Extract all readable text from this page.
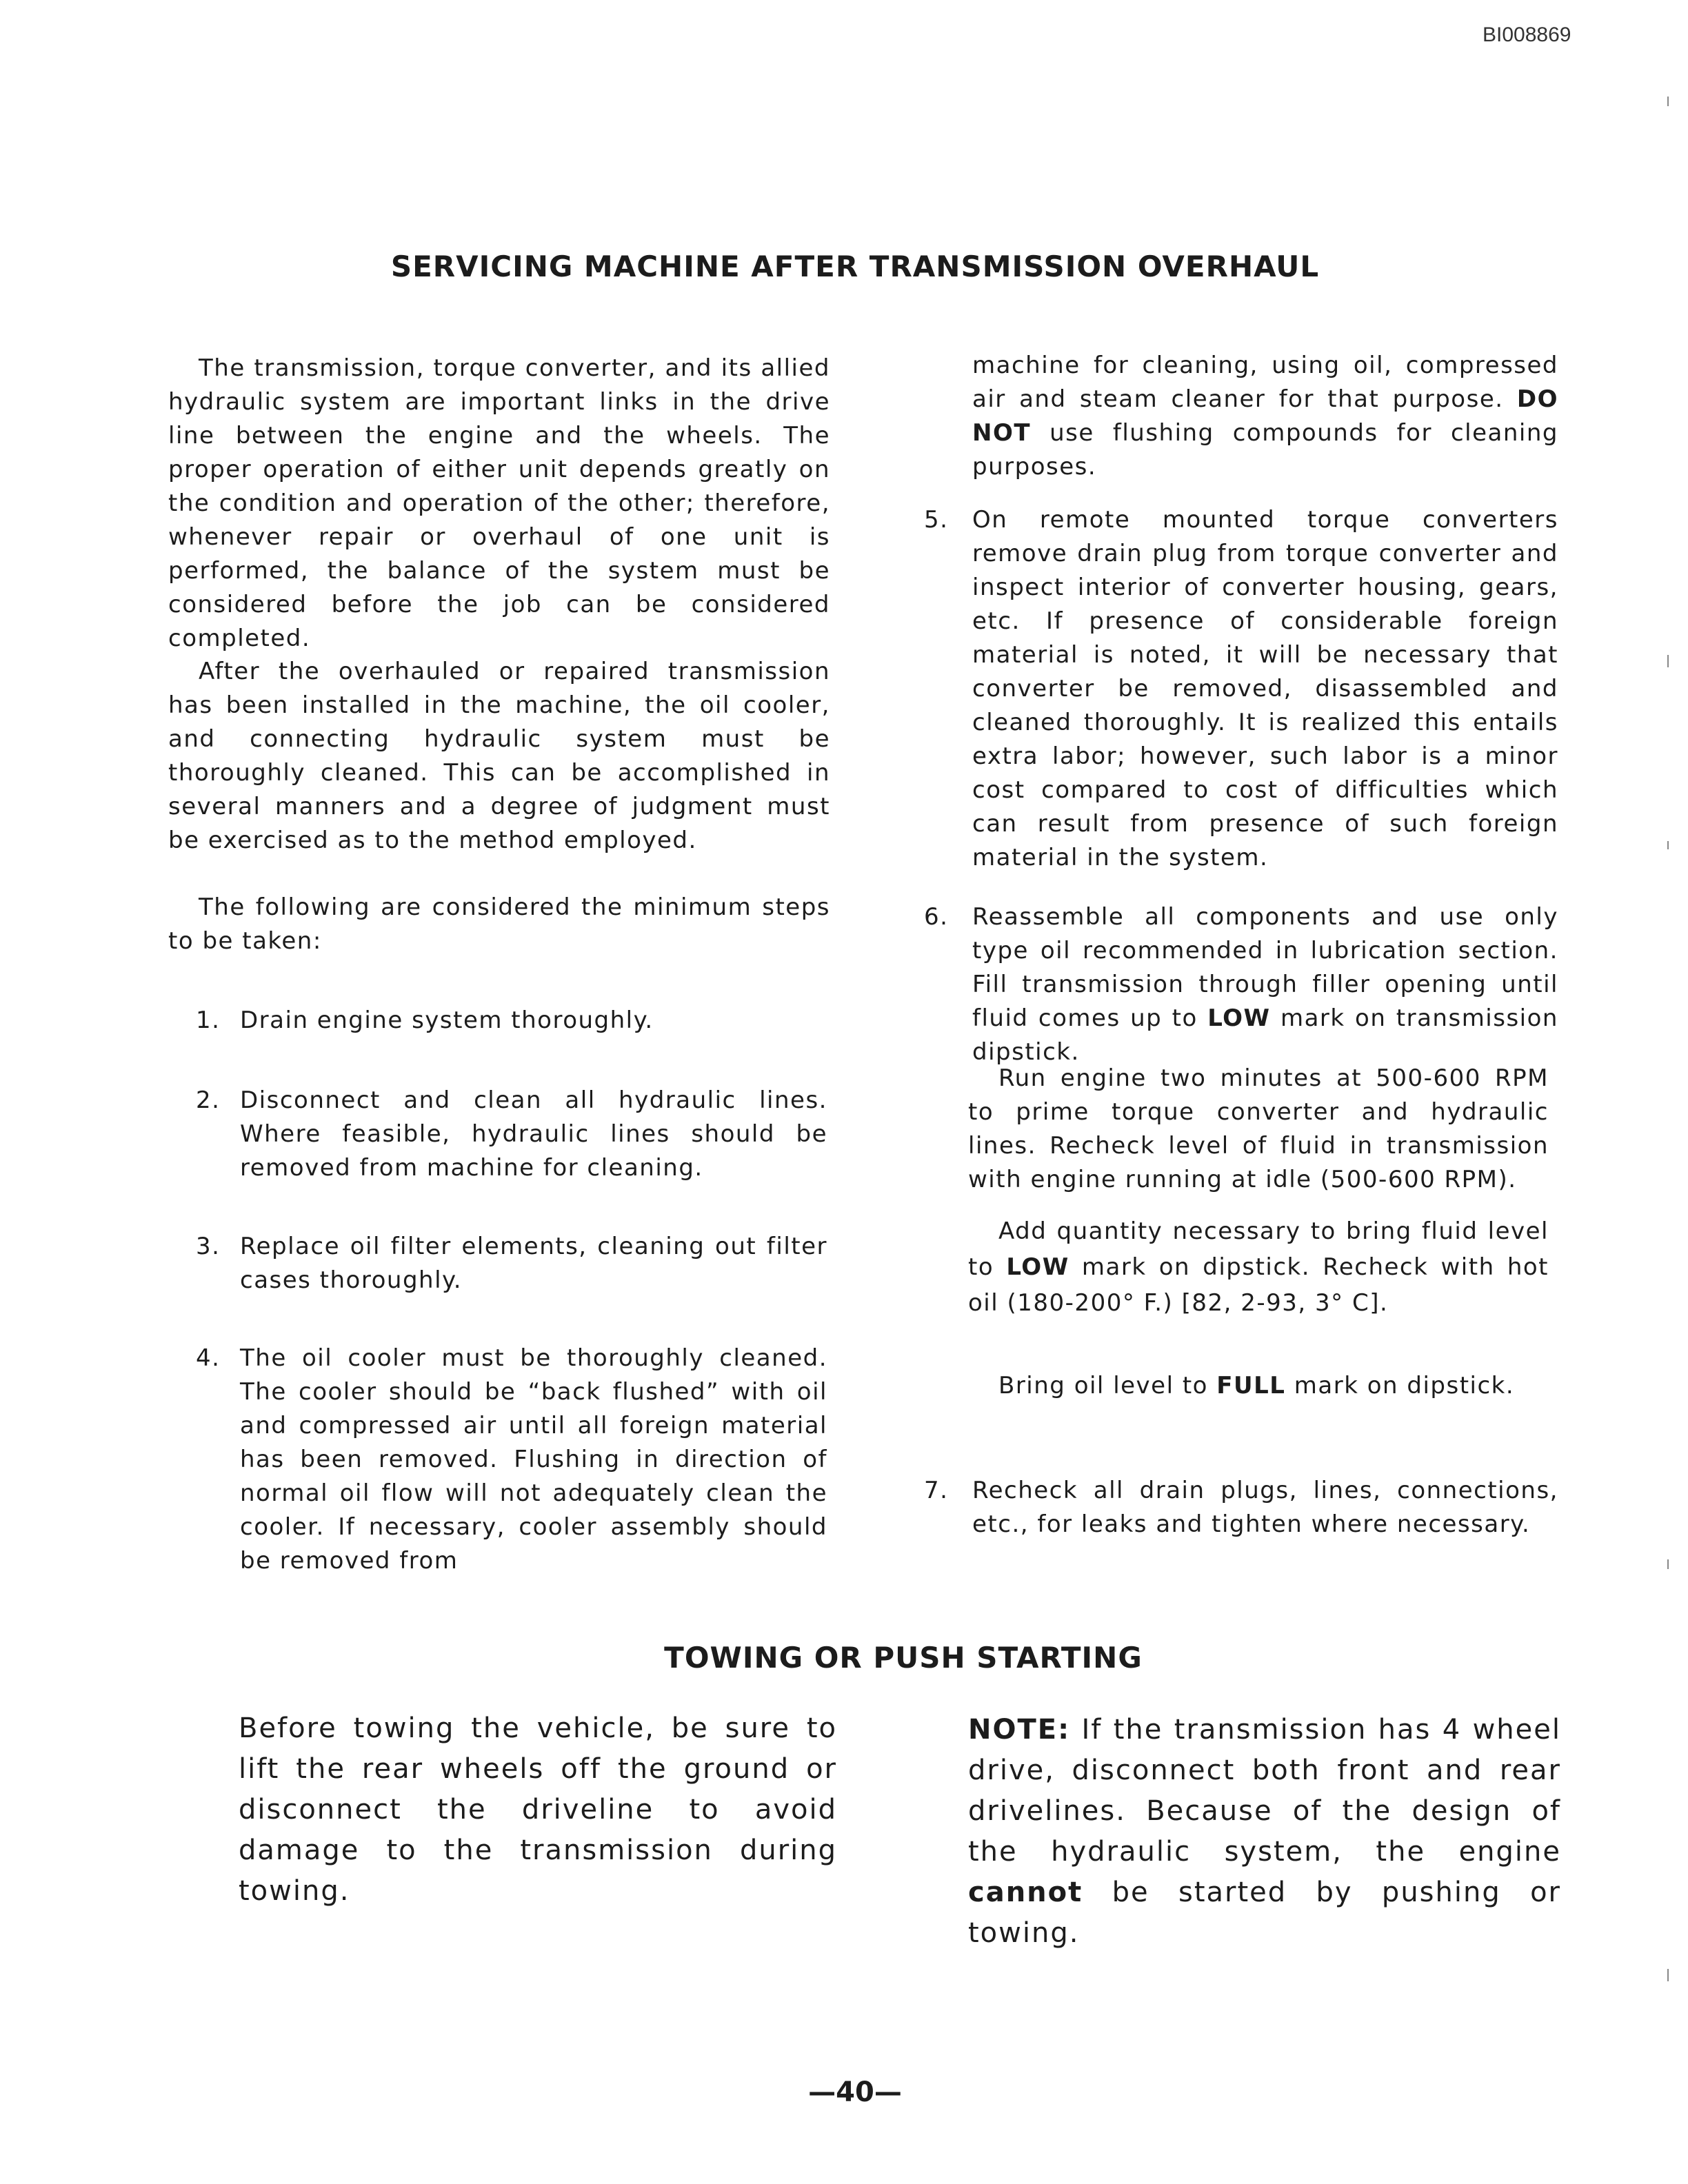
BI008869
SERVICING MACHINE AFTER TRANSMISSION OVERHAUL

The transmission, torque converter, and its allied hydraulic system are important links in the drive line between the engine and the wheels. The proper operation of either unit depends greatly on the condition and operation of the other; therefore, whenever repair or overhaul of one unit is performed, the balance of the system must be considered before the job can be considered completed.

After the overhauled or repaired transmission has been installed in the machine, the oil cooler, and connecting hydraulic system must be thoroughly cleaned. This can be accomplished in several manners and a degree of judgment must be exercised as to the method employed.

The following are considered the minimum steps to be taken:

1. Drain engine system thoroughly.
2. Disconnect and clean all hydraulic lines. Where feasible, hydraulic lines should be removed from machine for cleaning.
3. Replace oil filter elements, cleaning out filter cases thoroughly.
4. The oil cooler must be thoroughly cleaned. The cooler should be “back flushed” with oil and compressed air until all foreign material has been removed. Flushing in direction of normal oil flow will not adequately clean the cooler. If necessary, cooler assembly should be removed from

machine for cleaning, using oil, compressed air and steam cleaner for that purpose. DO NOT use flushing compounds for cleaning purposes.

5. On remote mounted torque converters remove drain plug from torque converter and inspect interior of converter housing, gears, etc. If presence of considerable foreign material is noted, it will be necessary that converter be removed, disassembled and cleaned thoroughly. It is realized this entails extra labor; however, such labor is a minor cost compared to cost of difficulties which can result from presence of such foreign material in the system.
6. Reassemble all components and use only type oil recommended in lubrication section. Fill transmission through filler opening until fluid comes up to LOW mark on transmission dipstick.

Run engine two minutes at 500-600 RPM to prime torque converter and hydraulic lines. Recheck level of fluid in transmission with engine running at idle (500-600 RPM).

Add quantity necessary to bring fluid level to LOW mark on dipstick. Recheck with hot oil (180-200° F.) [82, 2-93, 3° C].

Bring oil level to FULL mark on dipstick.

7. Recheck all drain plugs, lines, connections, etc., for leaks and tighten where necessary.
TOWING OR PUSH STARTING
Before towing the vehicle, be sure to lift the rear wheels off the ground or disconnect the driveline to avoid damage to the transmission during towing.
NOTE: If the transmission has 4 wheel drive, disconnect both front and rear drivelines. Because of the design of the hydraulic system, the engine cannot be started by pushing or towing.
—40—
